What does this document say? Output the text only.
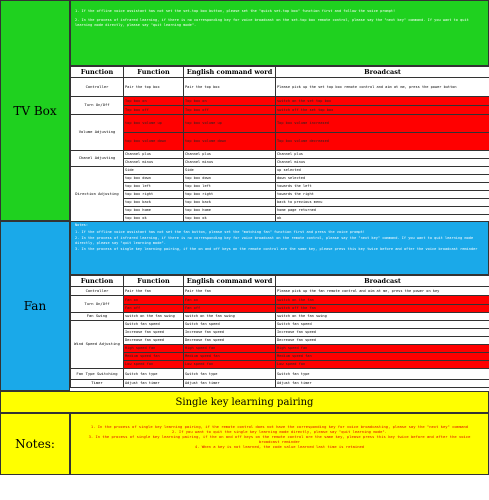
TV Box
1. If the offline voice assistant has not set the set-top box button, please set the "quick set-top box" function first and follow the voice prompt!
2. In the process of infrared learning, if there is no corresponding key for voice broadcast on the set-top box remote control, please say the "next key" command. If you want to quit learning mode directly, please say "quit learning mode".
Function	Function	English command word	Broadcast
Controller	Pair the top box	Pair the top box	Please pick up the set top box remote control and aim at me, press the power button
Turn On/Off	Top box on	Top box on	switch on the set top box
	Top box off	Top box off	switch off the set top box
Volume Adjusting	top box volume up	top box volume up	Top box volume increased
	top box volume down	top box volume down	Top box volume decreased
Chanel Adjusting	Channel plus	Channel plus	Channel plus
	Channel minus	Channel minus	Channel minus
Direction Adjusting	Side	Side	up selected
	top box down	top box down	down selected
	top box left	top box left	towards the left
	top box right	top box right	towards the right
	top box back	top box back	back to previous menu
	top box home	top box home	home page returned
	top box ok	top box ok	ok
Fan
Notes:
1. If the offline voice assistant has not set the fan button, please set the "matching fan" function first and press the voice prompt!
2. In the process of infrared learning, if there is no corresponding key for voice broadcast on the remote control, please say the "next key" command. If you want to quit learning mode directly, please say "quit learning mode".
3. In the process of single key learning pairing, if the on and off keys on the remote control are the same key, please press this key twice before and after the voice broadcast reminder
Function	Function	English command word	Broadcast
Controller	Pair the fan	Pair the fan	Please pick up the fan remote control and aim at me, press the power on key
Turn On/Off	Fan on	Fan on	switch on the fan
	Fan off	Fan off	switch off the fan
Fan Swing	switch on the fan swing	switch on the fan swing	switch on the fan swing
Wind Speed Adjusting	Switch fan speed	Switch fan speed	Switch fan speed
	Increase fan speed	Increase fan speed	Increase fan speed
	Decrease fan speed	Decrease fan speed	Decrease fan speed
	High speed fan	High speed fan	High speed fan
	Medium speed fan	Medium speed fan	Medium speed fan
	Low speed fan	Low speed fan	Low speed fan
Fan Type Switching	Switch fan type	Switch fan type	Switch fan type
Timer	Adjust fan timer	Adjust fan timer	Adjust fan timer
Single key learning pairing
Notes:
1. In the process of single key learning pairing, if the remote control does not have the corresponding key for voice broadcasting, please say the "next key" command
2. If you want to quit the single key learning mode directly, please say "quit learning mode".
3. In the process of single key learning pairing, if the on and off keys on the remote control are the same key, please press this key twice before and after the voice broadcast reminder
4. When a key is not learned, the code value learned last time is retained
